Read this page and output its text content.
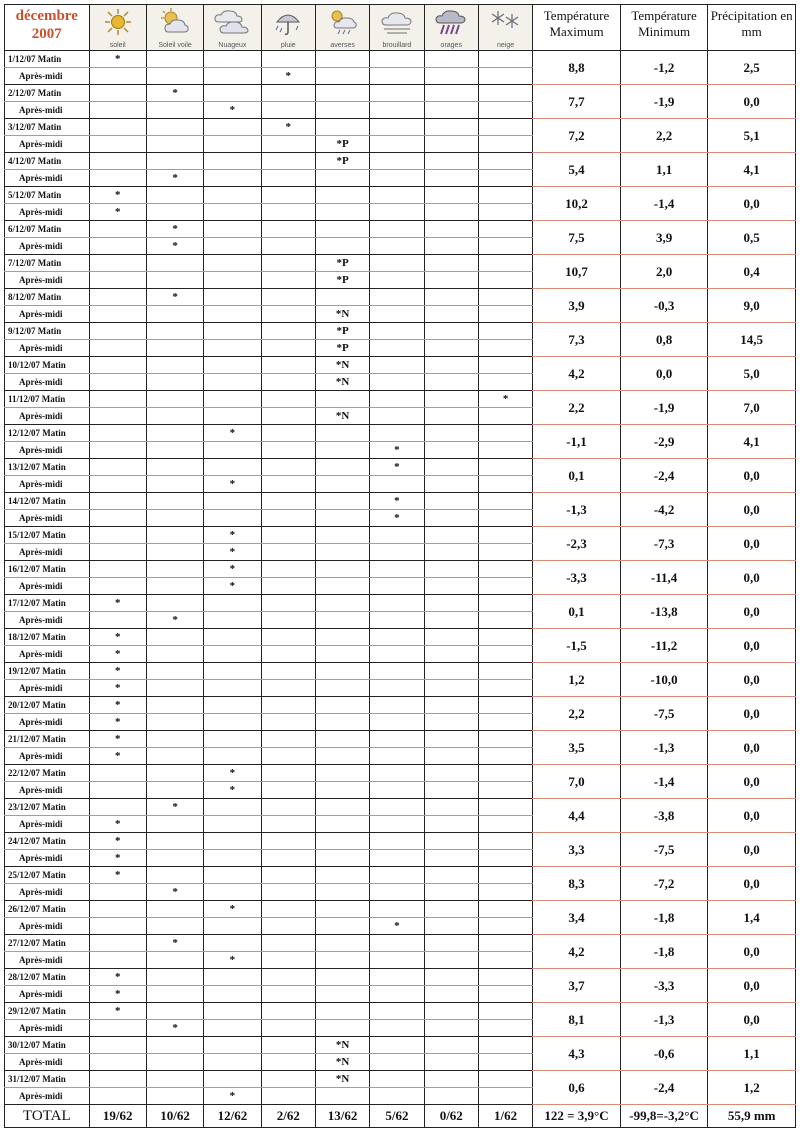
décembre
2007	soleil	Soleil voile	Nuageux	pluie	averses	brouillard	orages	neige	Température Maximum	Température Minimum	Précipitation en mm
1/12/07 Matin	*								8,8	-1,2	2,5
Après-midi				*							
2/12/07 Matin		*							7,7	-1,9	0,0
Après-midi			*								
3/12/07 Matin				*					7,2	2,2	5,1
Après-midi					*P						
4/12/07 Matin					*P				5,4	1,1	4,1
Après-midi		*									
5/12/07 Matin	*								10,2	-1,4	0,0
Après-midi	*										
6/12/07 Matin		*							7,5	3,9	0,5
Après-midi		*									
7/12/07 Matin					*P				10,7	2,0	0,4
Après-midi					*P						
8/12/07 Matin		*							3,9	-0,3	9,0
Après-midi					*N						
9/12/07 Matin					*P				7,3	0,8	14,5
Après-midi					*P						
10/12/07 Matin					*N				4,2	0,0	5,0
Après-midi					*N						
11/12/07 Matin								*	2,2	-1,9	7,0
Après-midi					*N						
12/12/07 Matin			*						-1,1	-2,9	4,1
Après-midi						*					
13/12/07 Matin						*			0,1	-2,4	0,0
Après-midi			*								
14/12/07 Matin						*			-1,3	-4,2	0,0
Après-midi						*					
15/12/07 Matin			*						-2,3	-7,3	0,0
Après-midi			*								
16/12/07 Matin			*						-3,3	-11,4	0,0
Après-midi			*								
17/12/07 Matin	*								0,1	-13,8	0,0
Après-midi		*									
18/12/07 Matin	*								-1,5	-11,2	0,0
Après-midi	*										
19/12/07 Matin	*								1,2	-10,0	0,0
Après-midi	*										
20/12/07 Matin	*								2,2	-7,5	0,0
Après-midi	*										
21/12/07 Matin	*								3,5	-1,3	0,0
Après-midi	*										
22/12/07 Matin			*						7,0	-1,4	0,0
Après-midi			*								
23/12/07 Matin		*							4,4	-3,8	0,0
Après-midi	*										
24/12/07 Matin	*								3,3	-7,5	0,0
Après-midi	*										
25/12/07 Matin	*								8,3	-7,2	0,0
Après-midi		*									
26/12/07 Matin			*						3,4	-1,8	1,4
Après-midi						*					
27/12/07 Matin		*							4,2	-1,8	0,0
Après-midi			*								
28/12/07 Matin	*								3,7	-3,3	0,0
Après-midi	*										
29/12/07 Matin	*								8,1	-1,3	0,0
Après-midi		*									
30/12/07 Matin					*N				4,3	-0,6	1,1
Après-midi					*N						
31/12/07 Matin					*N				0,6	-2,4	1,2
Après-midi			*								
TOTAL	19/62	10/62	12/62	2/62	13/62	5/62	0/62	1/62	122 = 3,9°C	-99,8=-3,2°C	55,9 mm
